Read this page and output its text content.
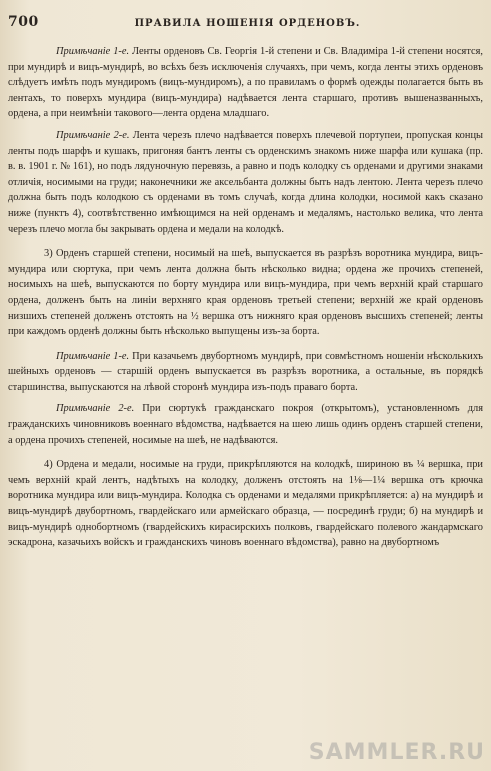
700	ПРАВИЛА НОШЕНІЯ ОРДЕНОВЪ.

Примѣчаніе 1-е. Ленты орденовъ Св. Георгія 1-й степени и Св. Владиміра 1-й степени носятся, при мундирѣ и вицъ-мундирѣ, во всѣхъ безъ исключенія случаяхъ, при чемъ, когда ленты этихъ орденовъ слѣдуетъ имѣть подъ мундиромъ (вицъ-мундиромъ), а по правиламъ о формѣ одежды полагается быть въ лентахъ, то поверхъ мундира (вицъ-мундира) надѣвается лента старшаго, противъ вышеназванныхъ, ордена, а при неимѣніи такового—лента ордена младшаго.

Примѣчаніе 2-е. Лента черезъ плечо надѣвается поверхъ плечевой портупеи, пропуская концы ленты подъ шарфъ и кушакъ, пригоняя бантъ ленты съ орденскимъ знакомъ ниже шарфа или кушака (пр. в. в. 1901 г. № 161), но подъ лядуночную перевязь, а равно и подъ колодку съ орденами и другими знаками отличія, носимыми на груди; наконечники же аксельбанта должны быть надъ лентою. Лента черезъ плечо должна быть подъ колодкою съ орденами въ томъ случаѣ, когда длина колодки, носимой какъ сказано ниже (пунктъ 4), соотвѣтственно имѣющимся на ней орденамъ и медалямъ, настолько велика, что лента черезъ плечо могла бы закрывать ордена и медали на колодкѣ.

3) Орденъ старшей степени, носимый на шеѣ, выпускается въ разрѣзъ воротника мундира, вицъ-мундира или сюртука, при чемъ лента должна быть нѣсколько видна; ордена же прочихъ степеней, носимыхъ на шеѣ, выпускаются по борту мундира или вицъ-мундира, при чемъ верхній край старшаго ордена, долженъ быть на линіи верхняго края орденовъ третьей степени; верхній же край орденовъ низшихъ степеней долженъ отстоять на ½ вершка отъ нижняго края орденовъ высшихъ степеней; ленты при каждомъ орденѣ должны быть нѣсколько выпущены изъ-за борта.

Примѣчаніе 1-е. При казачьемъ двубортномъ мундирѣ, при совмѣстномъ ношеніи нѣсколькихъ шейныхъ орденовъ — старшій орденъ выпускается въ разрѣзъ воротника, а остальные, въ порядкѣ старшинства, выпускаются на лѣвой сторонѣ мундира изъ-подъ праваго борта.

Примѣчаніе 2-е. При сюртукѣ гражданскаго покроя (открытомъ), установленномъ для гражданскихъ чиновниковъ военнаго вѣдомства, надѣвается на шею лишь одинъ орденъ старшей степени, а ордена прочихъ степеней, носимые на шеѣ, не надѣваются.

4) Ордена и медали, носимые на груди, прикрѣпляются на колодкѣ, шириною въ ¼ вершка, при чемъ верхній край лентъ, надѣтыхъ на колодку, долженъ отстоять на 1⅛—1¼ вершка отъ крючка воротника мундира или вицъ-мундира. Колодка съ орденами и медалями прикрѣпляется: а) на мундирѣ и вицъ-мундирѣ двубортномъ, гвардейскаго или армейскаго образца, — посрединѣ груди; б) на мундирѣ и вицъ-мундирѣ однобортномъ (гвардейскихъ кирасирскихъ полковъ, гвардейскаго полевого жандармскаго эскадрона, казачьихъ войскъ и гражданскихъ чиновъ военнаго вѣдомства), равно на двубортномъ

SAMMLER.RU
